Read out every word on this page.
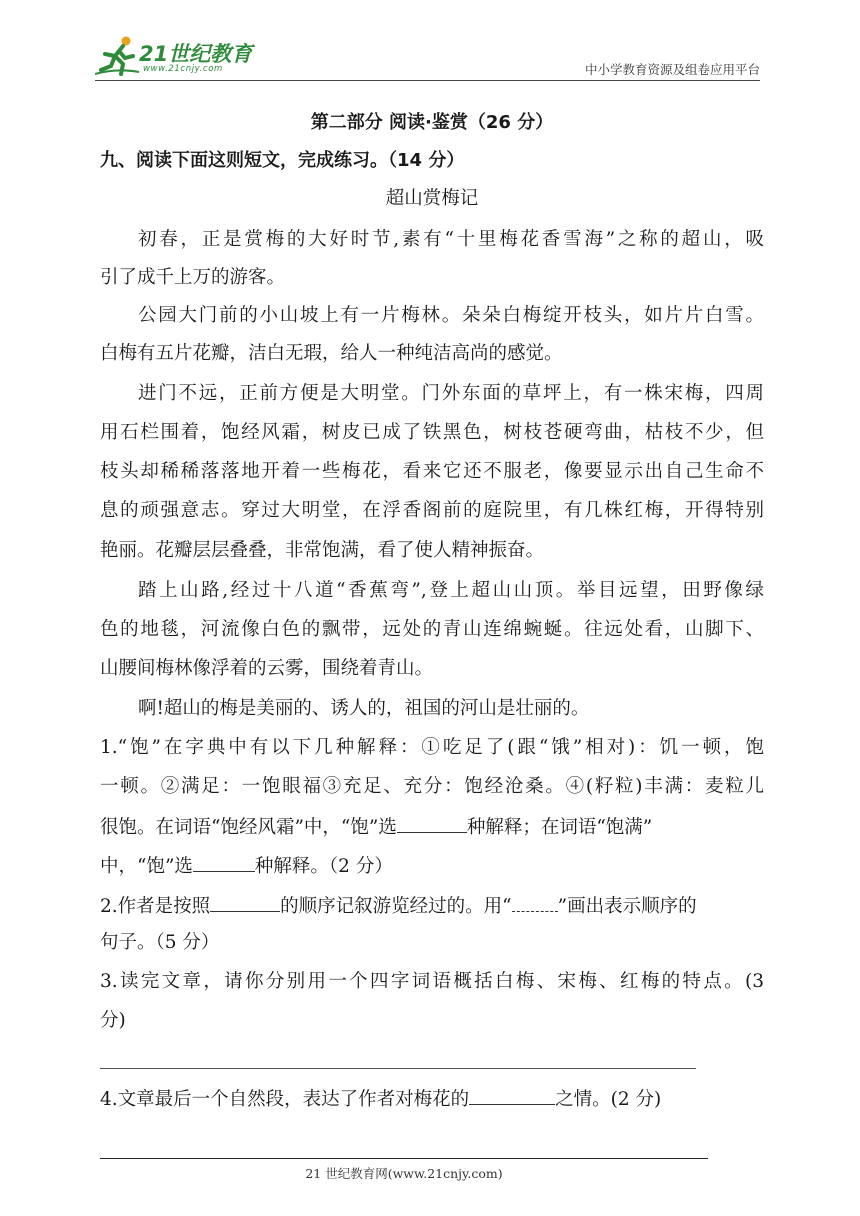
21世纪教育
www.21cnjy.com	中小学教育资源及组卷应用平台
第二部分 阅读·鉴赏（26 分）
九、阅读下面这则短文，完成练习。（14 分）
超山赏梅记
初春，正是赏梅的大好时节,素有“十里梅花香雪海”之称的超山，吸
引了成千上万的游客。
公园大门前的小山坡上有一片梅林。朵朵白梅绽开枝头，如片片白雪。
白梅有五片花瓣，洁白无瑕，给人一种纯洁高尚的感觉。
进门不远，正前方便是大明堂。门外东面的草坪上，有一株宋梅，四周
用石栏围着，饱经风霜，树皮已成了铁黑色，树枝苍硬弯曲，枯枝不少，但
枝头却稀稀落落地开着一些梅花，看来它还不服老，像要显示出自己生命不
息的顽强意志。穿过大明堂，在浮香阁前的庭院里，有几株红梅，开得特别
艳丽。花瓣层层叠叠，非常饱满，看了使人精神振奋。
踏上山路,经过十八道“香蕉弯”,登上超山山顶。举目远望，田野像绿
色的地毯，河流像白色的飘带，远处的青山连绵蜿蜒。往远处看，山脚下、
山腰间梅林像浮着的云雾，围绕着青山。
啊!超山的梅是美丽的、诱人的，祖国的河山是壮丽的。
1.“饱”在字典中有以下几种解释：①吃足了(跟“饿”相对)：饥一顿，饱
一顿。②满足：一饱眼福③充足、充分：饱经沧桑。④(籽粒)丰满：麦粒儿
很饱。在词语“饱经风霜”中，“饱”选	种解释；在词语“饱满”
中，“饱”选	种解释。（2 分）
2.作者是按照	的顺序记叙游览经过的。用“ ”画出表示顺序的
句子。（5 分）
3.读完文章，请你分别用一个四字词语概括白梅、宋梅、红梅的特点。(3
分)
4.文章最后一个自然段，表达了作者对梅花的	之情。(2 分)
21 世纪教育网(www.21cnjy.com)
